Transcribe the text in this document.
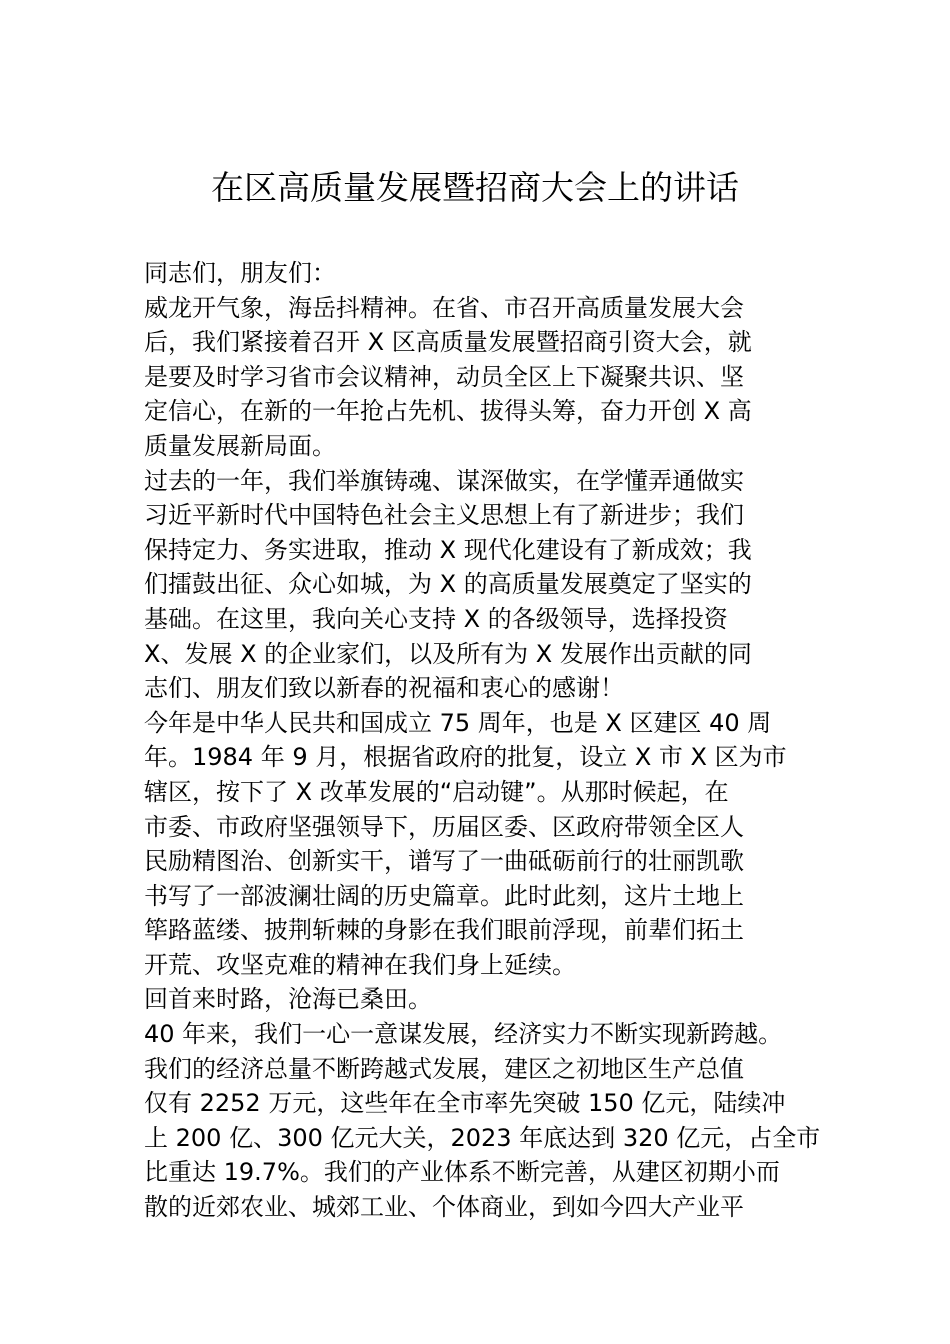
在区高质量发展暨招商大会上的讲话
同志们，朋友们：
威龙开气象，海岳抖精神。在省、市召开高质量发展大会
后，我们紧接着召开 X 区高质量发展暨招商引资大会，就
是要及时学习省市会议精神，动员全区上下凝聚共识、坚
定信心，在新的一年抢占先机、拔得头筹，奋力开创 X 高
质量发展新局面。
过去的一年，我们举旗铸魂、谋深做实，在学懂弄通做实
习近平新时代中国特色社会主义思想上有了新进步；我们
保持定力、务实进取，推动 X 现代化建设有了新成效；我
们擂鼓出征、众心如城，为 X 的高质量发展奠定了坚实的
基础。在这里，我向关心支持 X 的各级领导，选择投资
X、发展 X 的企业家们，以及所有为 X 发展作出贡献的同
志们、朋友们致以新春的祝福和衷心的感谢！
今年是中华人民共和国成立 75 周年，也是 X 区建区 40 周
年。1984 年 9 月，根据省政府的批复，设立 X 市 X 区为市
辖区，按下了 X 改革发展的“启动键”。从那时候起，在
市委、市政府坚强领导下，历届区委、区政府带领全区人
民励精图治、创新实干，谱写了一曲砥砺前行的壮丽凯歌
书写了一部波澜壮阔的历史篇章。此时此刻，这片土地上
筚路蓝缕、披荆斩棘的身影在我们眼前浮现，前辈们拓土
开荒、攻坚克难的精神在我们身上延续。
回首来时路，沧海已桑田。
40 年来，我们一心一意谋发展，经济实力不断实现新跨越。
我们的经济总量不断跨越式发展，建区之初地区生产总值
仅有 2252 万元，这些年在全市率先突破 150 亿元，陆续冲
上 200 亿、300 亿元大关，2023 年底达到 320 亿元，占全市
比重达 19.7%。我们的产业体系不断完善，从建区初期小而
散的近郊农业、城郊工业、个体商业，到如今四大产业平
